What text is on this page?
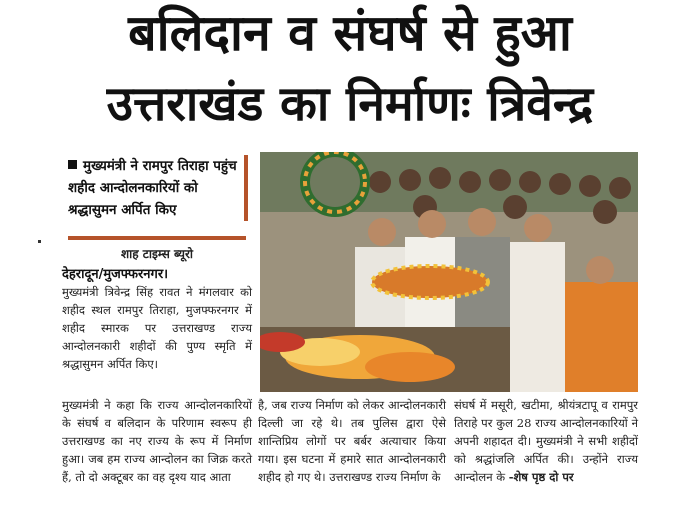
बलिदान व संघर्ष से हुआ
उत्तराखंड का निर्माणः त्रिवेन्द्र
मुख्यमंत्री ने रामपुर तिराहा पहुंच शहीद आन्दोलनकारियों को श्रद्धासुमन अर्पित किए
शाह टाइम्स ब्यूरो
देहरादून/मुजफ्फरनगर।

मुख्यमंत्री त्रिवेन्द्र सिंह रावत ने मंगलवार को शहीद स्थल रामपुर तिराहा, मुजफ्फरनगर में शहीद स्मारक पर उत्तराखण्ड राज्य आन्दोलनकारी शहीदों की पुण्य स्मृति में श्रद्धासुमन अर्पित किए।

मुख्यमंत्री ने कहा कि राज्य आन्दोलनकारियों के संघर्ष व बलिदान के परिणाम स्वरूप ही उत्तराखण्ड का नए राज्य के रूप में निर्माण हुआ। जब हम राज्य आन्दोलन का जिक्र करते हैं, तो दो अक्टूबर का वह दृश्य याद आता

है, जब राज्य निर्माण को लेकर आन्दोलनकारी दिल्ली जा रहे थे। तब पुलिस द्वारा ऐसे शान्तिप्रिय लोगों पर बर्बर अत्याचार किया गया। इस घटना में हमारे सात आन्दोलनकारी शहीद हो गए थे। उत्तराखण्ड राज्य निर्माण के

संघर्ष में मसूरी, खटीमा, श्रीयंत्रटापू व रामपुर तिराहे पर कुल 28 राज्य आन्दोलनकारियों ने अपनी शहादत दी। मुख्यमंत्री ने सभी शहीदों को श्रद्धांजलि अर्पित की। उन्होंने राज्य आन्दोलन के -शेष पृष्ठ दो पर
